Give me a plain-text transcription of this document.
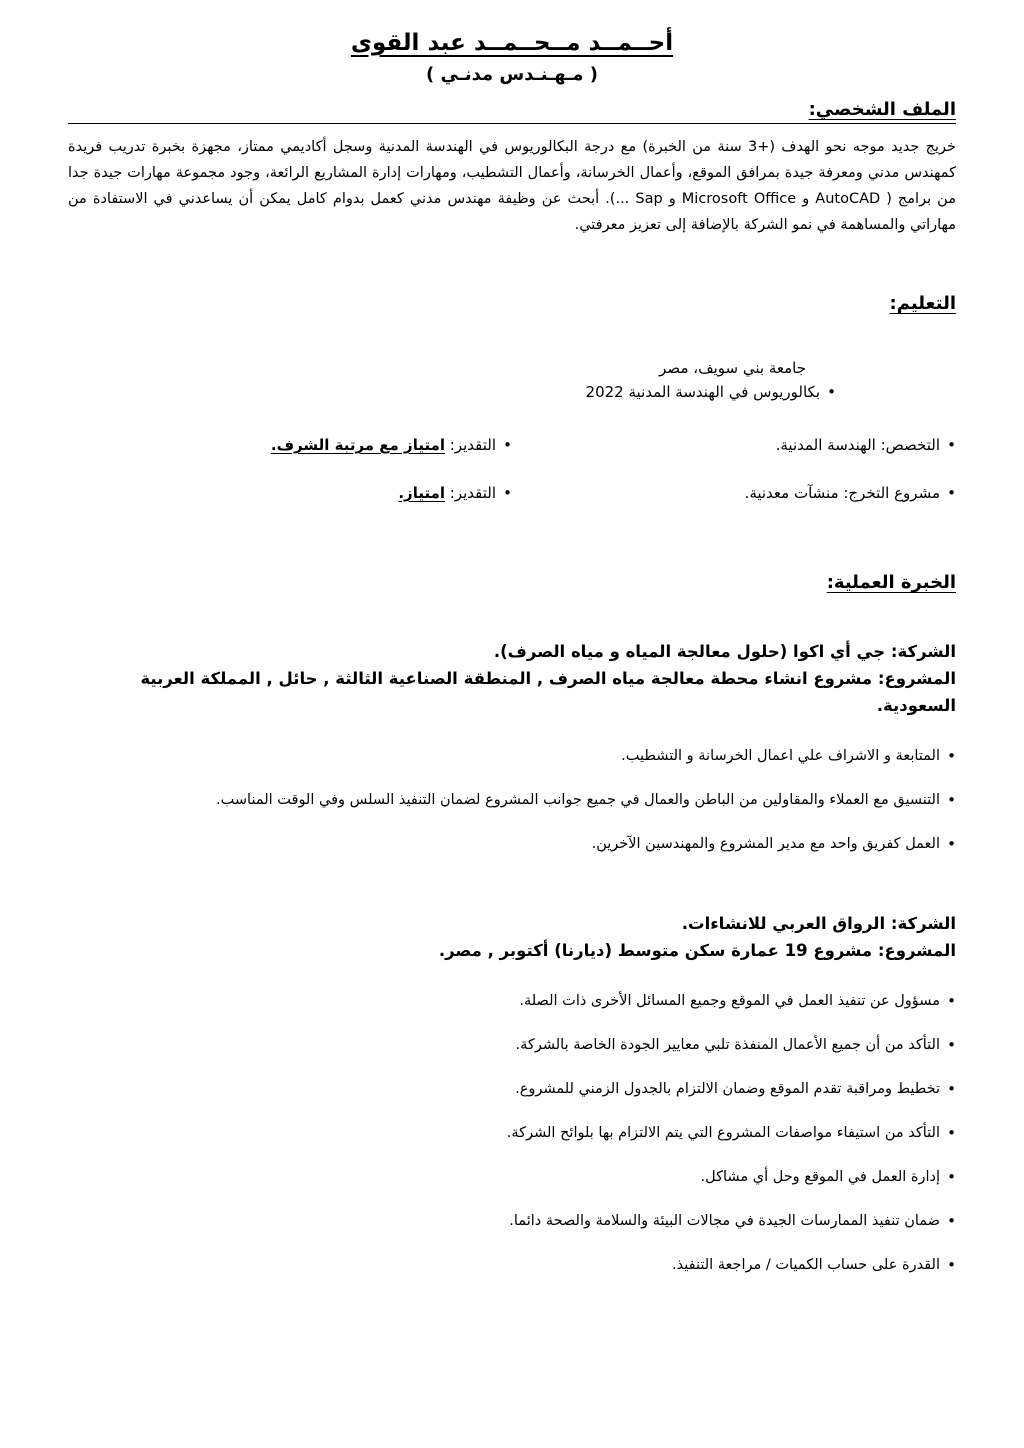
أحــمــد مــحــمــد عبد القوى
( مـهـنـدس مدنـي )
الملف الشخصي:

خريج جديد موجه نحو الهدف (+3 سنة من الخبرة) مع درجة البكالوريوس في الهندسة المدنية وسجل أكاديمي ممتاز، مجهزة بخبرة تدريب فريدة كمهندس مدني ومعرفة جيدة بمرافق الموقع، وأعمال الخرسانة، وأعمال التشطيب، ومهارات إدارة المشاريع الرائعة، وجود مجموعة مهارات جيدة جدا من برامج ( AutoCAD و Microsoft Office و Sap ...). أبحث عن وظيفة مهندس مدني كعمل بدوام كامل يمكن أن يساعدني في الاستفادة من مهاراتي والمساهمة في نمو الشركة بالإضافة إلى تعزيز معرفتي.

التعليم:
جامعة بني سويف، مصر
• بكالوريوس في الهندسة المدنية 2022
• التخصص: الهندسة المدنية.
• التقدير: امتياز مع مرتبة الشرف.
• مشروع التخرج: منشآت معدنية.
• التقدير: امتياز.
الخبرة العملية:
الشركة: جي أي اكوا (حلول معالجة المياه و مياه الصرف).
المشروع: مشروع انشاء محطة معالجة مياه الصرف , المنطقة الصناعية الثالثة , حائل , المملكة العربية السعودية.
• المتابعة و الاشراف علي اعمال الخرسانة و التشطيب.
• التنسيق مع العملاء والمقاولين من الباطن والعمال في جميع جوانب المشروع لضمان التنفيذ السلس وفي الوقت المناسب.
• العمل كفريق واحد مع مدير المشروع والمهندسين الآخرين.
الشركة: الرواق العربي للانشاءات.
المشروع: مشروع 19 عمارة سكن متوسط (ديارنا) أكتوبر , مصر.
• مسؤول عن تنفيذ العمل في الموقع وجميع المسائل الأخرى ذات الصلة.
• التأكد من أن جميع الأعمال المنفذة تلبي معايير الجودة الخاصة بالشركة.
• تخطيط ومراقبة تقدم الموقع وضمان الالتزام بالجدول الزمني للمشروع.
• التأكد من استيفاء مواصفات المشروع التي يتم الالتزام بها بلوائح الشركة.
• إدارة العمل في الموقع وحل أي مشاكل.
• ضمان تنفيذ الممارسات الجيدة في مجالات البيئة والسلامة والصحة دائما.
• القدرة على حساب الكميات / مراجعة التنفيذ.
